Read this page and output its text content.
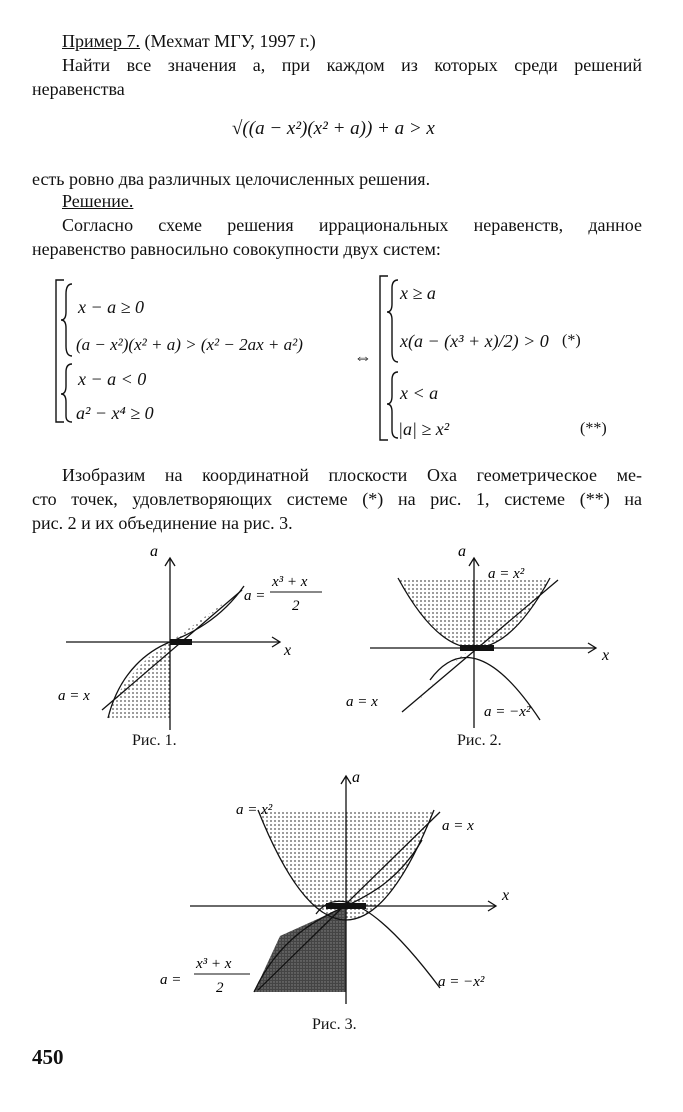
Пример 7. (Мехмат МГУ, 1997 г.)
Найти все значения a, при каждом из которых среди решений
неравенства
√((a − x²)(x² + a)) + a > x
есть ровно два различных целочисленных решения.
Решение.
Согласно схеме решения иррациональных неравенств, данное
неравенство равносильно совокупности двух систем:
x − a ≥ 0
(a − x²)(x² + a) > (x² − 2ax + a²)
x − a < 0
a² − x⁴ ≥ 0
⇔
x ≥ a
x(a − (x³ + x)/2) > 0 (*)
x < a
|a| ≥ x²	(**)
Изобразим на координатной плоскости Oxa геометрическое ме-
сто точек, удовлетворяющих системе (*) на рис. 1, системе (**) на
рис. 2 и их объединение на рис. 3.
a
x
a =
x³ + x
2
a = x
Рис. 1.
a
x
a = x²
a = x
a = −x²
Рис. 2.
a
x
a = x²
a = x
a =
x³ + x
2	a = −x²
Рис. 3.
450
